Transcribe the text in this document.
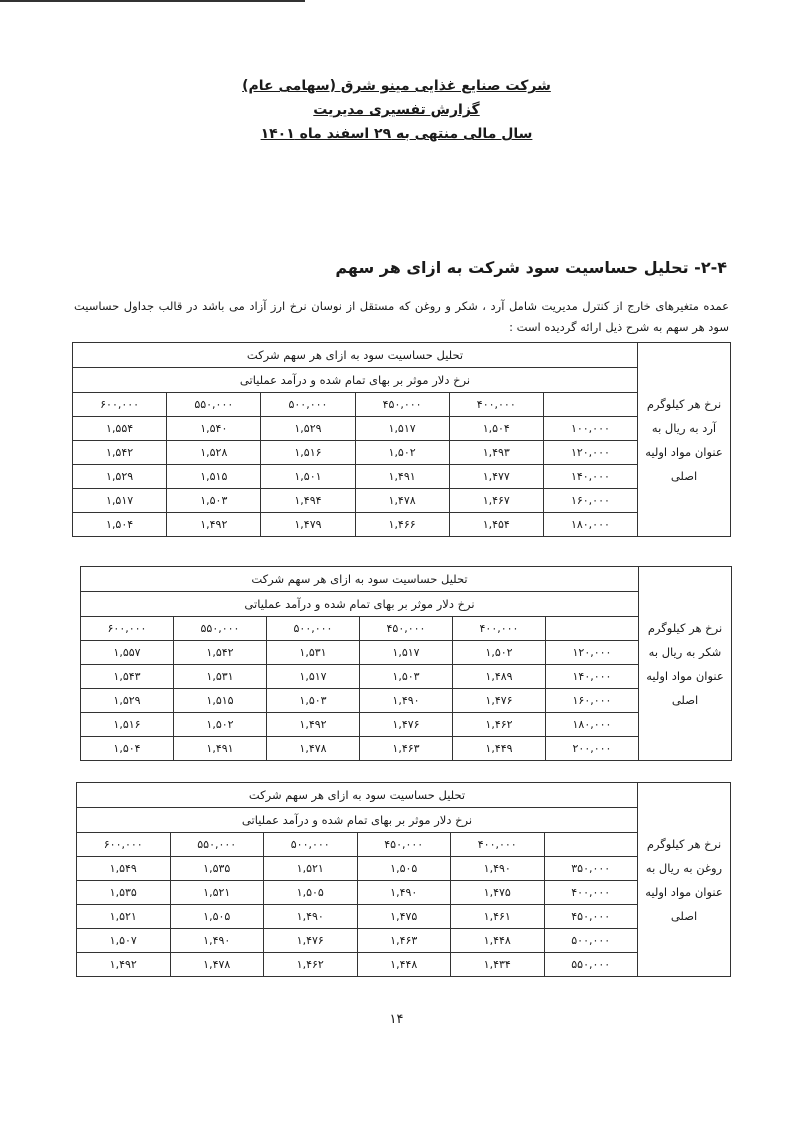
شرکت صنایع غذایی مینو شرق (سهامی عام)
گزارش تفسیری مدیریت
سال مالی منتهی به ۲۹ اسفند ماه ۱۴۰۱
۲-۴- تحلیل حساسیت سود شرکت به ازای هر سهم
عمده متغیرهای خارج از کنترل مدیریت شامل آرد ، شکر و روغن که مستقل از نوسان نرخ ارز آزاد می باشد در قالب جداول حساسیت سود هر سهم به شرح ذیل ارائه گردیده است :
نرخ هر کیلوگرم آرد به ریال به عنوان مواد اولیه اصلی	تحلیل حساسیت سود به ازای هر سهم شرکت					
	نرخ دلار موثر بر بهای تمام شده و درآمد عملیاتی					
		۴۰۰,۰۰۰	۴۵۰,۰۰۰	۵۰۰,۰۰۰	۵۵۰,۰۰۰	۶۰۰,۰۰۰
	۱۰۰,۰۰۰	۱,۵۰۴	۱,۵۱۷	۱,۵۲۹	۱,۵۴۰	۱,۵۵۴
	۱۲۰,۰۰۰	۱,۴۹۳	۱,۵۰۲	۱,۵۱۶	۱,۵۲۸	۱,۵۴۲
	۱۴۰,۰۰۰	۱,۴۷۷	۱,۴۹۱	۱,۵۰۱	۱,۵۱۵	۱,۵۲۹
	۱۶۰,۰۰۰	۱,۴۶۷	۱,۴۷۸	۱,۴۹۴	۱,۵۰۳	۱,۵۱۷
	۱۸۰,۰۰۰	۱,۴۵۴	۱,۴۶۶	۱,۴۷۹	۱,۴۹۲	۱,۵۰۴
نرخ هر کیلوگرم شکر به ریال به عنوان مواد اولیه اصلی	تحلیل حساسیت سود به ازای هر سهم شرکت					
	نرخ دلار موثر بر بهای تمام شده و درآمد عملیاتی					
		۴۰۰,۰۰۰	۴۵۰,۰۰۰	۵۰۰,۰۰۰	۵۵۰,۰۰۰	۶۰۰,۰۰۰
	۱۲۰,۰۰۰	۱,۵۰۲	۱,۵۱۷	۱,۵۳۱	۱,۵۴۲	۱,۵۵۷
	۱۴۰,۰۰۰	۱,۴۸۹	۱,۵۰۳	۱,۵۱۷	۱,۵۳۱	۱,۵۴۳
	۱۶۰,۰۰۰	۱,۴۷۶	۱,۴۹۰	۱,۵۰۳	۱,۵۱۵	۱,۵۲۹
	۱۸۰,۰۰۰	۱,۴۶۲	۱,۴۷۶	۱,۴۹۲	۱,۵۰۲	۱,۵۱۶
	۲۰۰,۰۰۰	۱,۴۴۹	۱,۴۶۳	۱,۴۷۸	۱,۴۹۱	۱,۵۰۴
نرخ هر کیلوگرم روغن به ریال به عنوان مواد اولیه اصلی	تحلیل حساسیت سود به ازای هر سهم شرکت					
	نرخ دلار موثر بر بهای تمام شده و درآمد عملیاتی					
		۴۰۰,۰۰۰	۴۵۰,۰۰۰	۵۰۰,۰۰۰	۵۵۰,۰۰۰	۶۰۰,۰۰۰
	۳۵۰,۰۰۰	۱,۴۹۰	۱,۵۰۵	۱,۵۲۱	۱,۵۳۵	۱,۵۴۹
	۴۰۰,۰۰۰	۱,۴۷۵	۱,۴۹۰	۱,۵۰۵	۱,۵۲۱	۱,۵۳۵
	۴۵۰,۰۰۰	۱,۴۶۱	۱,۴۷۵	۱,۴۹۰	۱,۵۰۵	۱,۵۲۱
	۵۰۰,۰۰۰	۱,۴۴۸	۱,۴۶۳	۱,۴۷۶	۱,۴۹۰	۱,۵۰۷
	۵۵۰,۰۰۰	۱,۴۳۴	۱,۴۴۸	۱,۴۶۲	۱,۴۷۸	۱,۴۹۲
۱۴
